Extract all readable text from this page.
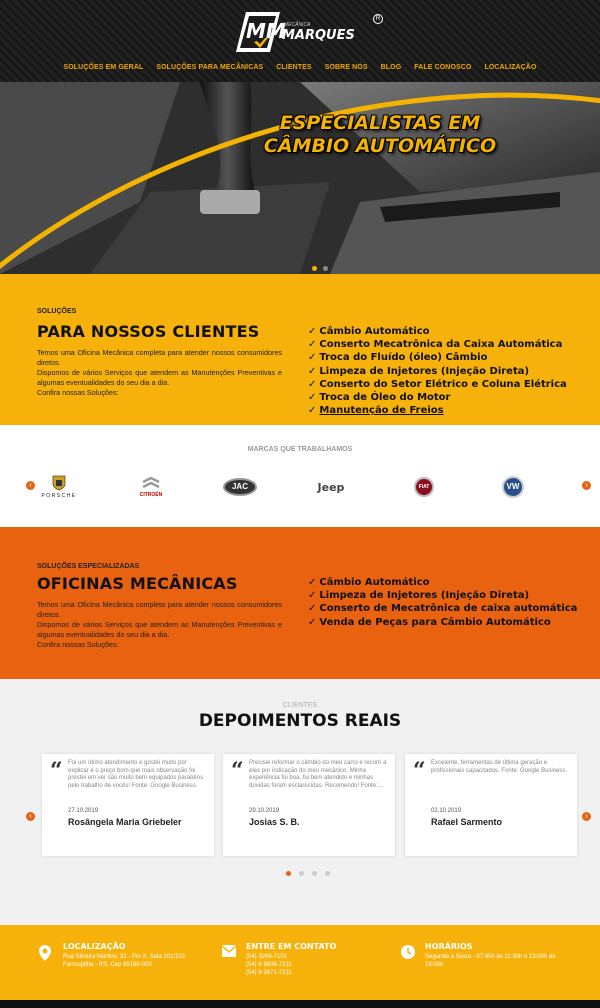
MM
MECÂNICA
MARQUES
R
SOLUÇÕES EM GERAL SOLUÇÕES PARA MECÂNICAS CLIENTES SOBRE NÓS BLOG FALE CONOSCO LOCALIZAÇÃO
ESPECIALISTAS EM
CÂMBIO AUTOMÁTICO
SOLUÇÕES
PARA NOSSOS CLIENTES
Temos uma Oficina Mecânica completa para atender nossos consumidores diretos.
Dispomos de vários Serviços que atendem as Manutenções Preventivas e algumas eventualidades do seu dia a dia.
Confira nossas Soluções:
✓ Câmbio Automático
✓ Conserto Mecatrônica da Caixa Automática
✓ Troca do Fluído (óleo) Câmbio
✓ Limpeza de Injetores (Injeção Direta)
✓ Conserto do Setor Elétrico e Coluna Elétrica
✓ Troca de Óleo do Motor
✓ Manutenção de Freios
MARCAS QUE TRABALHAMOS
‹	›
PORSCHE	CITROËN
JAC	Jeep	FIAT	VW
SOLUÇÕES ESPECIALIZADAS
OFICINAS MECÂNICAS
Temos uma Oficina Mecânica completa para atender nossos consumidores diretos.
Dispomos de vários Serviços que atendem as Manutenções Preventivas e algumas eventualidades do seu dia a dia.
Confira nossas Soluções:
✓ Câmbio Automático
✓ Limpeza de Injetores (Injeção Direta)
✓ Conserto de Mecatrônica de caixa automática
✓ Venda de Peças para Câmbio Automático
CLIENTES
DEPOIMENTOS REAIS
‹	›
“ Foi um ótimo atendimento e gostei muito por explicar e o preço bom que mais observação foi prestei em ver são muito bem equipados parabéns pelo trabalho de vocês! Fonte: Google Business.
27.10.2019
Rosângela Maria Griebeler
“ Precisei reformar o câmbio do meu carro e recorri a eles por indicação do meu mecânico. Minha experiência foi boa, fui bem atendido e minhas dúvidas foram esclarecidas. Recomendo! Fonte:...
29.10.2019
Josias S. B.
“ Excelente, ferramentas de última geração e profissionais capacitados. Fonte: Google Business.
02.10.2019
Rafael Sarmento
LOCALIZAÇÃO
Rua Silveira Martins, 31 - Pio X, Sala 101/102
Farroupilha - RS, Cep 95180-000
ENTRE EM CONTATO
(54) 3268-7101
(54) 9 9608-7211
(54) 9 9871-7211
HORÁRIOS
Segunda a Sexta - 07:45h às 11:30h e 13:00h às
18:00h
